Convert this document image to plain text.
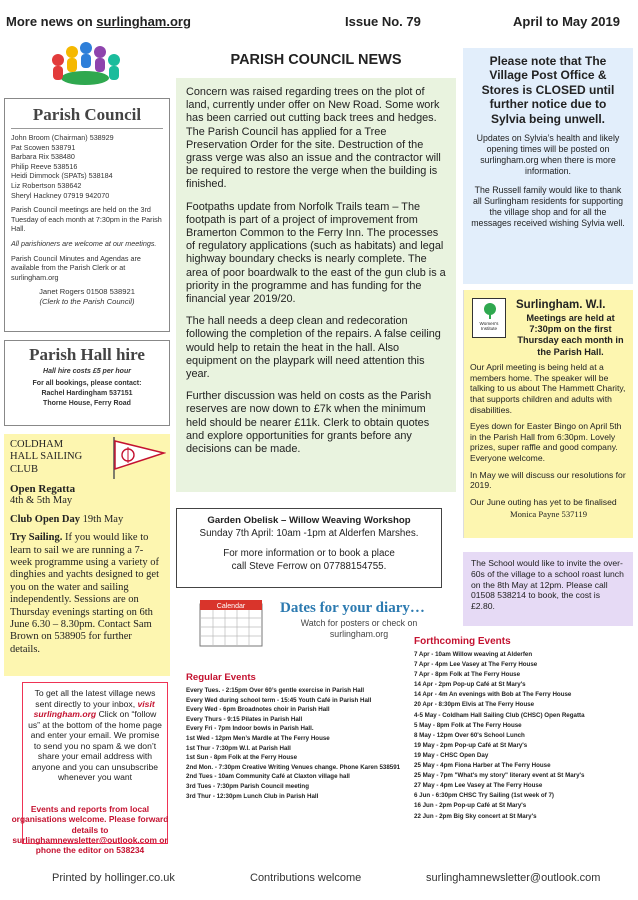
More news on surlingham.org	Issue No. 79	April to May 2019
Parish Council
John Broom (Chairman) 538929
Pat Scowen 538791
Barbara Rix 538480
Philip Reeve 538516
Heidi Dimmock (SPATs) 538184
Liz Robertson 538642
Sheryl Hackney 07919 942070

Parish Council meetings are held on the 3rd Tuesday of each month at 7:30pm in the Parish Hall.

All parishioners are welcome at our meetings.

Parish Council Minutes and Agendas are available from the Parish Clerk or at surlingham.org

Janet Rogers 01508 538921
(Clerk to the Parish Council)
Parish Hall hire
Hall hire costs £5 per hour
For all bookings, please contact:
Rachel Hardingham 537151
Thorne House, Ferry Road
COLDHAM
HALL SAILING
CLUB
Open Regatta
4th & 5th May
Club Open Day 19th May
Try Sailing. If you would like to learn to sail we are running a 7-week programme using a variety of dinghies and yachts designed to get you on the water and sailing independently. Sessions are on Thursday evenings starting on 6th June 6.30 – 8.30pm. Contact Sam Brown on 538905 for further details.
To get all the latest village news sent directly to your inbox, visit surlingham.org Click on “follow us” at the bottom of the home page and enter your email. We promise to send you no spam & we don’t share your email address with anyone and you can unsubscribe whenever you want
Events and reports from local organisations welcome. Please forward details to surlinghamnewsletter@outlook.com or phone the editor on 538234
PARISH COUNCIL NEWS

Concern was raised regarding trees on the plot of land, currently under offer on New Road. Some work has been carried out cutting back trees and hedges. The Parish Council has applied for a Tree Preservation Order for the site. Destruction of the grass verge was also an issue and the contractor will be required to restore the verge when the building is finished.

Footpaths update from Norfolk Trails team – The footpath is part of a project of improvement from Bramerton Common to the Ferry Inn. The processes of regulatory applications (such as habitats) and legal highway boundary checks is nearly complete. The area of poor boardwalk to the east of the gun club is a priority in the programme and has funding for the financial year 2019/20.

The hall needs a deep clean and redecoration following the completion of the repairs. A false ceiling would help to retain the heat in the hall. Also equipment on the playpark will need attention this year.

Further discussion was held on costs as the Parish reserves are now down to £7k when the minimum held should be nearer £11k. Clerk to obtain quotes and explore opportunities for grants before any decisions can be made.

Garden Obelisk – Willow Weaving Workshop
Sunday 7th April: 10am -1pm at Alderfen Marshes.
For more information or to book a place
call Steve Ferrow on 07788154755.
Please note that The Village Post Office & Stores is CLOSED until further notice due to Sylvia being unwell.

Updates on Sylvia’s health and likely opening times will be posted on surlingham.org when there is more information.

The Russell family would like to thank all Surlingham residents for supporting the village shop and for all the messages received wishing Sylvia well.

Women's Institute
Surlingham. W.I.
Meetings are held at 7:30pm on the first Thursday each month in the Parish Hall.

Our April meeting is being held at a members home. The speaker will be talking to us about The Hammett Charity, that supports children and adults with disabilities.

Eyes down for Easter Bingo on April 5th in the Parish Hall from 6:30pm. Lovely prizes, super raffle and good company. Everyone welcome.

In May we will discuss our resolutions for 2019.

Our June outing has yet to be finalised

Monica Payne 537119
The School would like to invite the over-60s of the village to a school roast lunch on the 8th May at 12pm. Please call 01508 538214 to book, the cost is £2.80.
Calendar Dates for your diary…
Watch for posters or check on surlingham.org
Regular Events
Every Tues. - 2:15pm Over 60’s gentle exercise in Parish Hall
Every Wed during school term - 15:45 Youth Café in Parish Hall
Every Wed - 6pm Broadnotes choir in Parish Hall
Every Thurs - 9:15 Pilates in Parish Hall
Every Fri - 7pm Indoor bowls in Parish Hall.
1st Wed - 12pm Men’s Mardle at The Ferry House
1st Thur - 7:30pm W.I. at Parish Hall
1st Sun - 8pm Folk at the Ferry House
2nd Mon. - 7:30pm Creative Writing Venues change. Phone Karen 538591
2nd Tues - 10am Community Café at Claxton village hall
3rd Tues - 7:30pm Parish Council meeting
3rd Thur - 12:30pm Lunch Club in Parish Hall
Forthcoming Events
7 Apr - 10am Willow weaving at Alderfen
7 Apr - 4pm Lee Vasey at The Ferry House
7 Apr - 8pm Folk at The Ferry House
14 Apr - 2pm Pop-up Café at St Mary's
14 Apr - 4m An evenings with Bob at The Ferry House
20 Apr - 8:30pm Elvis at The Ferry House
4-5 May - Coldham Hall Sailing Club (CHSC) Open Regatta
5 May - 8pm Folk at The Ferry House
8 May - 12pm Over 60's School Lunch
19 May - 2pm Pop-up Café at St Mary's
19 May - CHSC Open Day
25 May - 4pm Fiona Harber at The Ferry House
25 May - 7pm "What's my story" literary event at St Mary's
27 May - 4pm Lee Vasey at The Ferry House
6 Jun - 6:30pm CHSC Try Sailing (1st week of 7)
16 Jun - 2pm Pop-up Café at St Mary's
22 Jun - 2pm Big Sky concert at St Mary's
Printed by hollinger.co.uk	Contributions welcome	surlinghamnewsletter@outlook.com
